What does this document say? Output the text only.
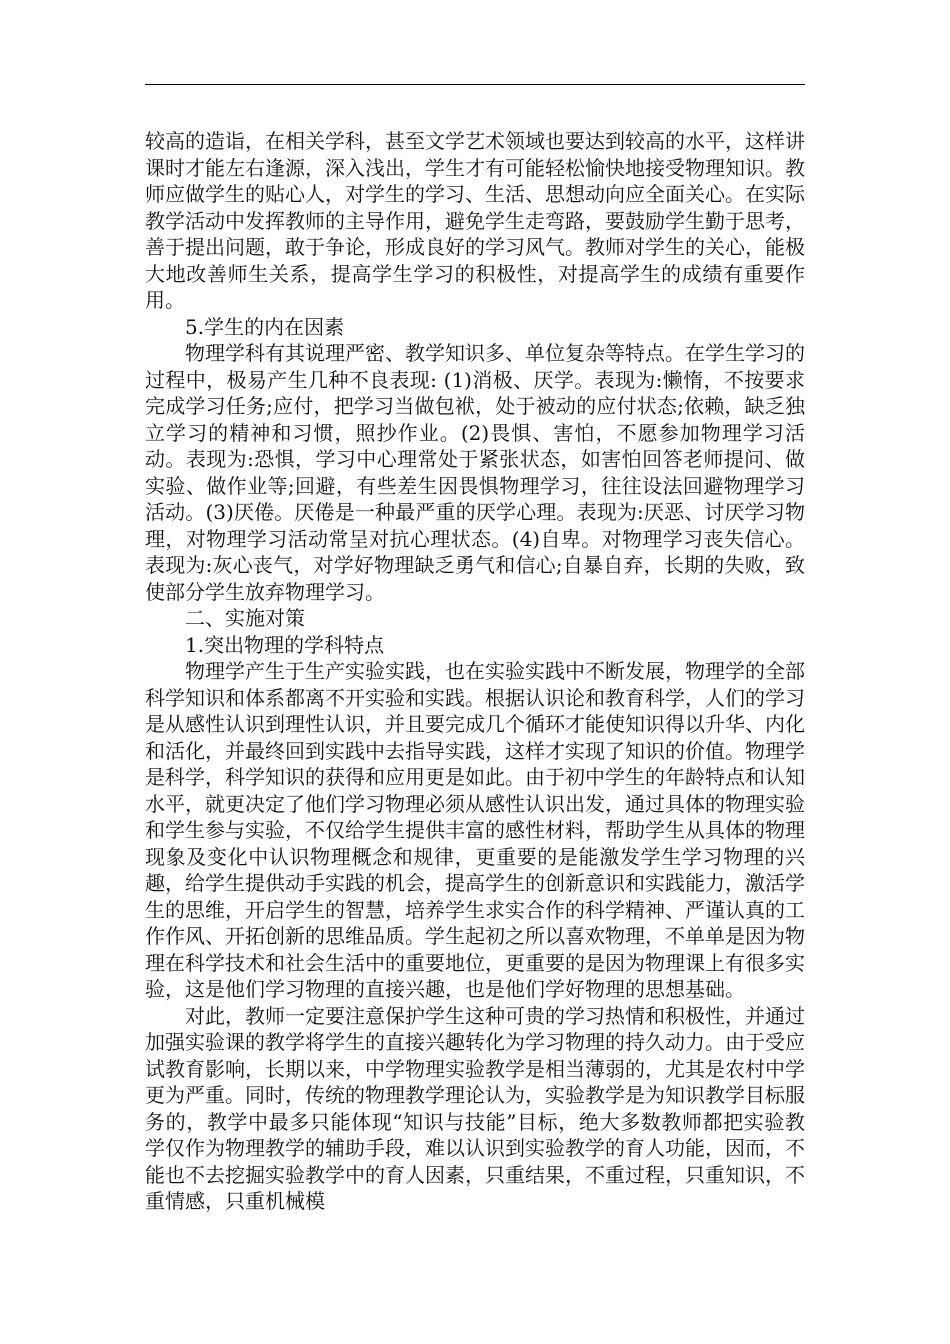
较高的造诣，在相关学科，甚至文学艺术领域也要达到较高的水平，这样讲课时才能左右逢源，深入浅出，学生才有可能轻松愉快地接受物理知识。教师应做学生的贴心人，对学生的学习、生活、思想动向应全面关心。在实际教学活动中发挥教师的主导作用，避免学生走弯路，要鼓励学生勤于思考，善于提出问题，敢于争论，形成良好的学习风气。教师对学生的关心，能极大地改善师生关系，提高学生学习的积极性，对提高学生的成绩有重要作用。

5.学生的内在因素

物理学科有其说理严密、教学知识多、单位复杂等特点。在学生学习的过程中，极易产生几种不良表现: (1)消极、厌学。表现为:懒惰，不按要求完成学习任务;应付，把学习当做包袱，处于被动的应付状态;依赖，缺乏独立学习的精神和习惯，照抄作业。(2)畏惧、害怕，不愿参加物理学习活动。表现为:恐惧，学习中心理常处于紧张状态，如害怕回答老师提问、做实验、做作业等;回避，有些差生因畏惧物理学习，往往设法回避物理学习活动。(3)厌倦。厌倦是一种最严重的厌学心理。表现为:厌恶、讨厌学习物理，对物理学习活动常呈对抗心理状态。(4)自卑。对物理学习丧失信心。表现为:灰心丧气，对学好物理缺乏勇气和信心;自暴自弃，长期的失败，致使部分学生放弃物理学习。

二、实施对策

1.突出物理的学科特点

物理学产生于生产实验实践，也在实验实践中不断发展，物理学的全部科学知识和体系都离不开实验和实践。根据认识论和教育科学，人们的学习是从感性认识到理性认识，并且要完成几个循环才能使知识得以升华、内化和活化，并最终回到实践中去指导实践，这样才实现了知识的价值。物理学是科学，科学知识的获得和应用更是如此。由于初中学生的年龄特点和认知水平，就更决定了他们学习物理必须从感性认识出发，通过具体的物理实验和学生参与实验，不仅给学生提供丰富的感性材料，帮助学生从具体的物理现象及变化中认识物理概念和规律，更重要的是能激发学生学习物理的兴趣，给学生提供动手实践的机会，提高学生的创新意识和实践能力，激活学生的思维，开启学生的智慧，培养学生求实合作的科学精神、严谨认真的工作作风、开拓创新的思维品质。学生起初之所以喜欢物理，不单单是因为物理在科学技术和社会生活中的重要地位，更重要的是因为物理课上有很多实验，这是他们学习物理的直接兴趣，也是他们学好物理的思想基础。

对此，教师一定要注意保护学生这种可贵的学习热情和积极性，并通过加强实验课的教学将学生的直接兴趣转化为学习物理的持久动力。由于受应试教育影响，长期以来，中学物理实验教学是相当薄弱的，尤其是农村中学更为严重。同时，传统的物理教学理论认为，实验教学是为知识教学目标服务的，教学中最多只能体现“知识与技能”目标，绝大多数教师都把实验教学仅作为物理教学的辅助手段，难以认识到实验教学的育人功能，因而，不能也不去挖掘实验教学中的育人因素，只重结果，不重过程，只重知识，不重情感，只重机械模
